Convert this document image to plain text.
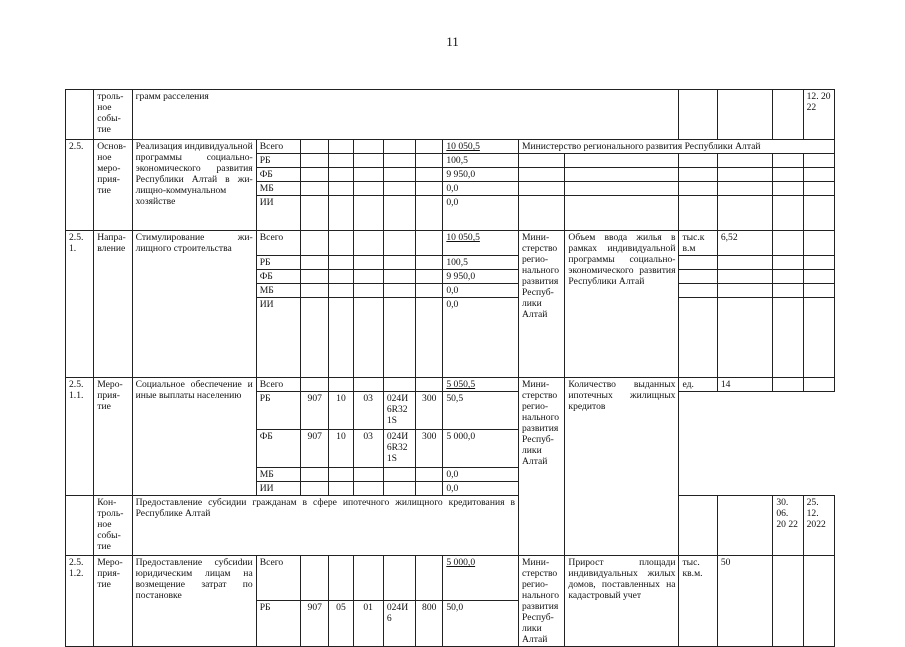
11
	трольное событие	грамм расселения													12. 2022
2.5.	Основное мероприятие	Реализация индивидуальной программы социально-экономического развития Республики Алтай в жилищно-коммунальном хозяйстве	Всего						10 050,5	Министерство регионального развития Республики Алтай					
			РБ						100,5						
			ФБ						9 950,0						
			МБ						0,0						
			ИИ						0,0						
2.5. 1.	Направление	Стимулирование жилищного строительства	Всего						10 050,5	Министерство регионального развития Республики Алтай	Объем ввода жилья в рамках индивидуальной программы социально-экономического развития Республики Алтай	тыс.к в.м	6,52		
			РБ						100,5						
			ФБ						9 950,0						
			МБ						0,0						
			ИИ						0,0						
2.5. 1.1.	Мероприятие	Социальное обеспечение и иные выплаты населению	Всего						5 050,5	Министерство регионального развития Республики Алтай	Количество выданных ипотечных жилищных кредитов	ед.	14		
			РБ	907	10	03	024И 6R32 1S	300	50,5						
			ФБ	907	10	03	024И 6R32 1S	300	5 000,0						
			МБ						0,0						
			ИИ						0,0						
	Контрольное событие	Предоставление субсидии гражданам в сфере ипотечного жилищного кредитования в Республике Алтай												30. 06. 20 22	25. 12. 2022
2.5. 1.2.	Мероприятие	Предоставление субсиdии юридическим лицам на возмещение затрат по постановке	Всего						5 000,0	Министерство регионального развития Республики Алтай	Прирост площади индивидуальных жилых домов, поставленных на кадастровый учет	тыс. кв.м.	50		
			РБ	907	05	01	024И 6	800	50,0						
